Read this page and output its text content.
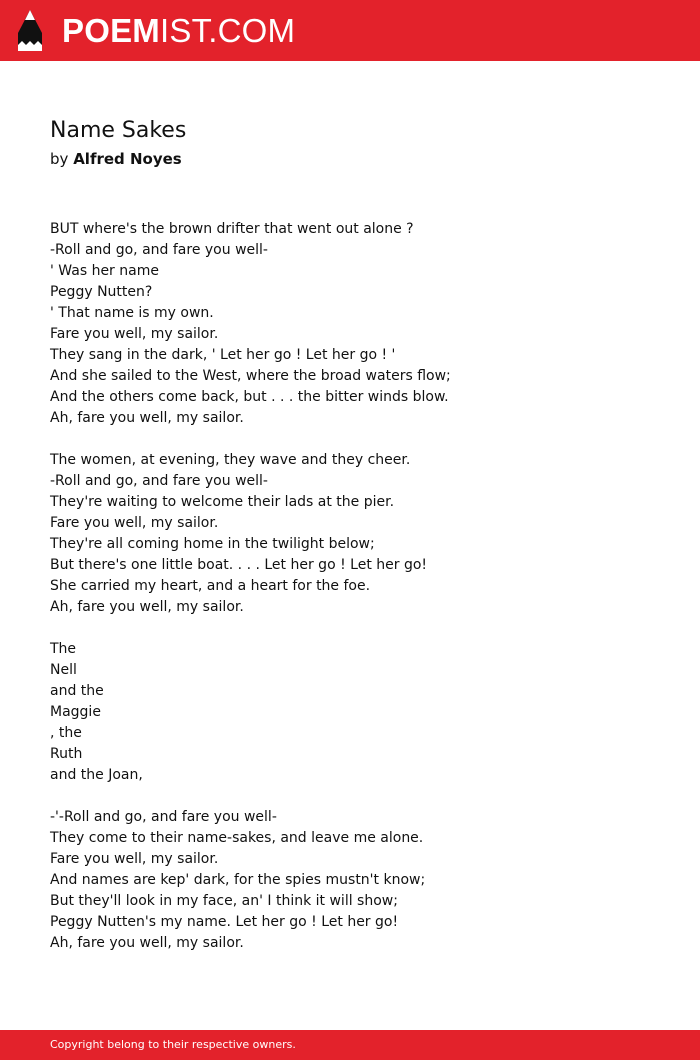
POEMIST.COM
Name Sakes
by Alfred Noyes
BUT where's the brown drifter that went out alone ?
-Roll and go, and fare you well-
' Was her name
Peggy Nutten?
' That name is my own.
Fare you well, my sailor.
They sang in the dark, ' Let her go ! Let her go ! '
And she sailed to the West, where the broad waters flow;
And the others come back, but . . . the bitter winds blow.
Ah, fare you well, my sailor.
The women, at evening, they wave and they cheer.
-Roll and go, and fare you well-
They're waiting to welcome their lads at the pier.
Fare you well, my sailor.
They're all coming home in the twilight below;
But there's one little boat. . . . Let her go ! Let her go!
She carried my heart, and a heart for the foe.
Ah, fare you well, my sailor.
The
Nell
and the
Maggie
, the
Ruth
and the Joan,
-'-Roll and go, and fare you well-
They come to their name-sakes, and leave me alone.
Fare you well, my sailor.
And names are kep' dark, for the spies mustn't know;
But they'll look in my face, an' I think it will show;
Peggy Nutten's my name. Let her go ! Let her go!
Ah, fare you well, my sailor.
Copyright belong to their respective owners.
